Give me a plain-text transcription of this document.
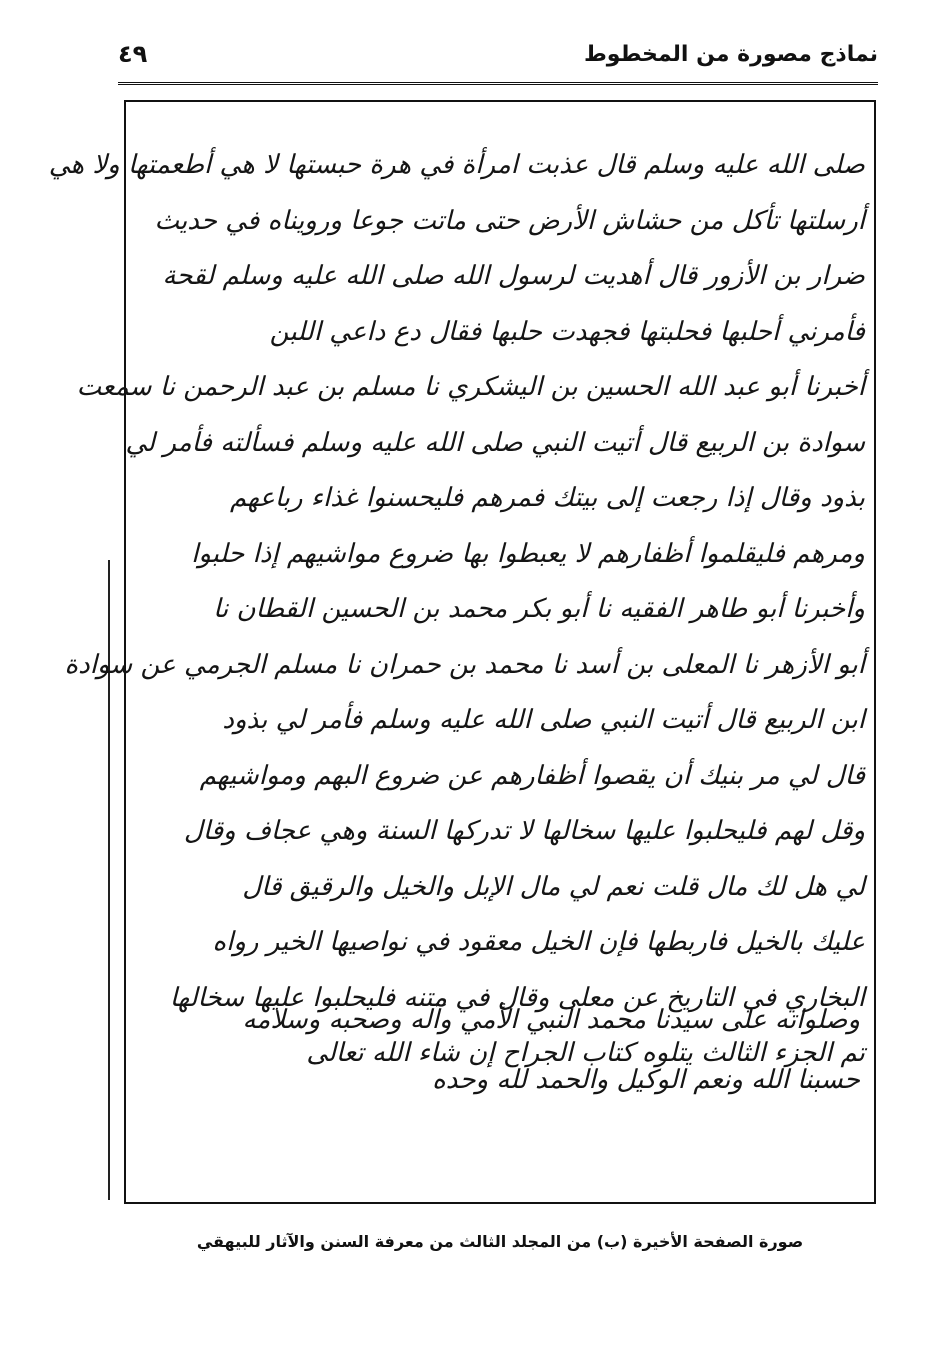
نماذج مصورة من المخطوط
٤٩
صلى الله عليه وسلم قال عذبت امرأة في هرة حبستها لا هي أطعمتها ولا هي
أرسلتها تأكل من حشاش الأرض حتى ماتت جوعا ورويناه في حديث
ضرار بن الأزور قال أهديت لرسول الله صلى الله عليه وسلم لقحة
فأمرني أحلبها فحلبتها فجهدت حلبها فقال دع داعي اللبن
أخبرنا أبو عبد الله الحسين بن اليشكري نا مسلم بن عبد الرحمن نا سمعت
سوادة بن الربيع قال أتيت النبي صلى الله عليه وسلم فسألته فأمر لي
بذود وقال إذا رجعت إلى بيتك فمرهم فليحسنوا غذاء رباعهم
ومرهم فليقلموا أظفارهم لا يعبطوا بها ضروع مواشيهم إذا حلبوا
وأخبرنا أبو طاهر الفقيه نا أبو بكر محمد بن الحسين القطان نا
أبو الأزهر نا المعلى بن أسد نا محمد بن حمران نا مسلم الجرمي عن سوادة
ابن الربيع قال أتيت النبي صلى الله عليه وسلم فأمر لي بذود
قال لي مر بنيك أن يقصوا أظفارهم عن ضروع البهم ومواشيهم
وقل لهم فليحلبوا عليها سخالها لا تدركها السنة وهي عجاف وقال
لي هل لك مال قلت نعم لي مال الإبل والخيل والرقيق قال
عليك بالخيل فاربطها فإن الخيل معقود في نواصيها الخير رواه
البخاري في التاريخ عن معلى وقال في متنه فليحلبوا عليها سخالها
تم الجزء الثالث يتلوه كتاب الجراح إن شاء الله تعالى
وصلواته على سيدنا محمد النبي الأمي وآله وصحبه وسلامه
حسبنا الله ونعم الوكيل والحمد لله وحده
صورة الصفحة الأخيرة (ب) من المجلد الثالث من معرفة السنن والآثار للبيهقي
